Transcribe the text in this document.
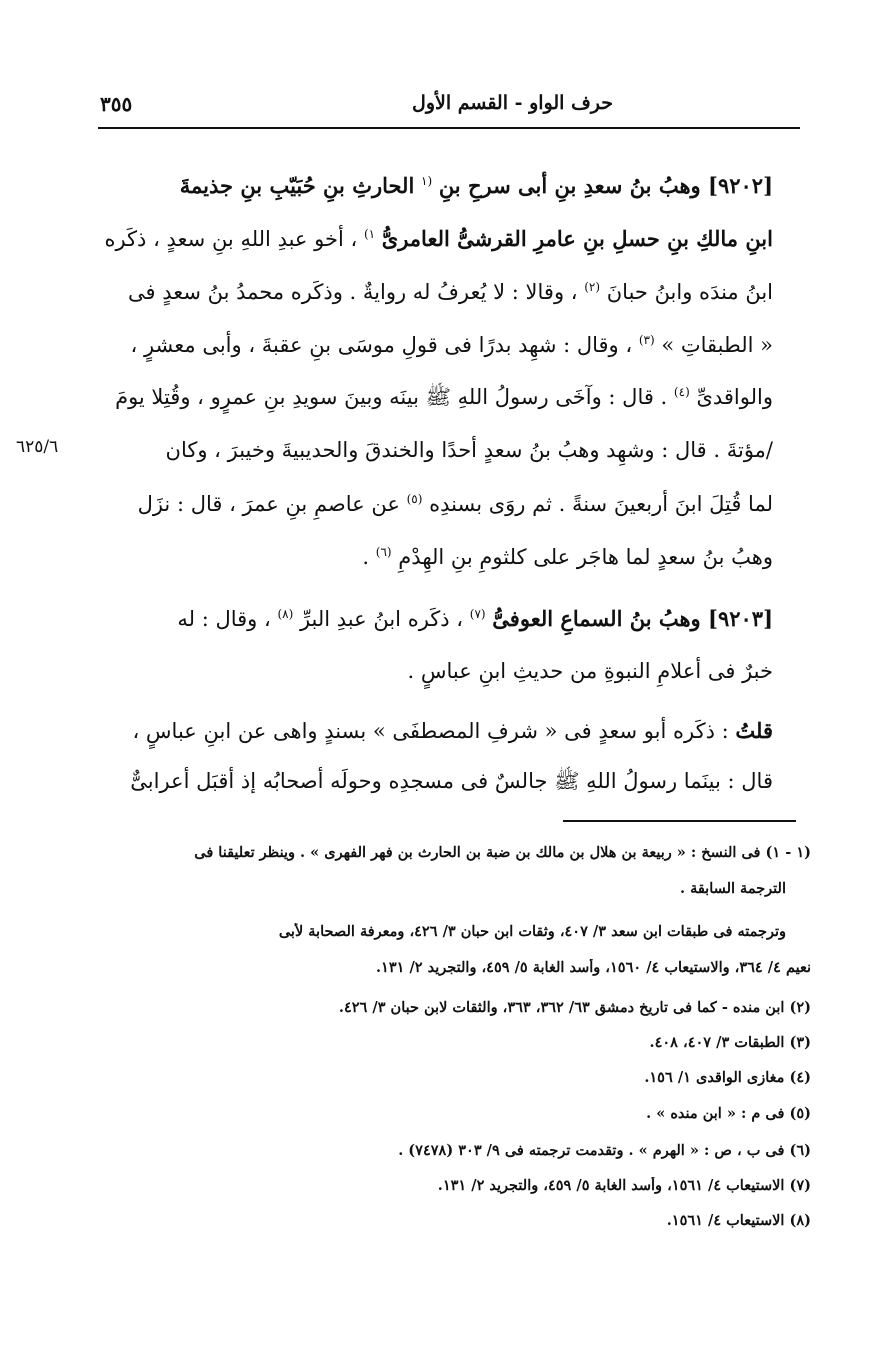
حرف الواو - القسم الأول
٣٥٥
٦٢٥/٦
[٩٢٠٢] وهبُ بنُ سعدِ بنِ أبى سرحِ بنِ $^{(١}$ الحارثِ بنِ حُبَيّبِ بنِ جذيمةَ
ابنِ مالكِ بنِ حسلِ بنِ عامرِ القرشىُّ العامرىُّ $^{١)}$ ، أخو عبدِ اللهِ بنِ سعدٍ ، ذكَره
ابنُ مندَه وابنُ حبانَ $^{(٢)}$ ، وقالا : لا يُعرفُ له روايةٌ . وذكَره محمدُ بنُ سعدٍ فى
« الطبقاتِ » $^{(٣)}$ ، وقال : شهِد بدرًا فى قولِ موسَى بنِ عقبةَ ، وأبى معشرٍ ،
والواقدىِّ $^{(٤)}$ . قال : وآخَى رسولُ اللهِ ﷺ بينَه وبينَ سويدِ بنِ عمرٍو ، وقُتِلا يومَ
/مؤتةَ . قال : وشهِد وهبُ بنُ سعدٍ أحدًا والخندقَ والحديبيةَ وخيبرَ ، وكان
لما قُتِلَ ابنَ أربعينَ سنةً . ثم روَى بسندِه $^{(٥)}$ عن عاصمِ بنِ عمرَ ، قال : نزَل
وهبُ بنُ سعدٍ لما هاجَر على كلثومِ بنِ الهِدْمِ $^{(٦)}$ .
[٩٢٠٣] وهبُ بنُ السماعِ العوفىُّ $^{(٧)}$ ، ذكَره ابنُ عبدِ البرِّ $^{(٨)}$ ، وقال : له
خبرٌ فى أعلامِ النبوةِ من حديثِ ابنِ عباسٍ .
قلتُ : ذكَره أبو سعدٍ فى « شرفِ المصطفَى » بسندٍ واهى عن ابنِ عباسٍ ،
قال : بينَما رسولُ اللهِ ﷺ جالسٌ فى مسجدِه وحولَه أصحابُه إذ أقبَل أعرابىٌّ
(١ - ١) فى النسخ : « ربيعة بن هلال بن مالك بن ضبة بن الحارث بن فهر الفهرى » . وينظر تعليقنا فى
الترجمة السابقة .
وترجمته فى طبقات ابن سعد ٣/ ٤٠٧، وثقات ابن حبان ٣/ ٤٢٦، ومعرفة الصحابة لأبى
نعيم ٤/ ٣٦٤، والاستيعاب ٤/ ١٥٦٠، وأسد الغابة ٥/ ٤٥٩، والتجريد ٢/ ١٣١.
(٢) ابن منده - كما فى تاريخ دمشق ٦٣/ ٣٦٢، ٣٦٣، والثقات لابن حبان ٣/ ٤٢٦.
(٣) الطبقات ٣/ ٤٠٧، ٤٠٨.
(٤) مغازى الواقدى ١/ ١٥٦.
(٥) فى م : « ابن منده » .
(٦) فى ب ، ص : « الهرم » . وتقدمت ترجمته فى ٩/ ٣٠٣ (٧٤٧٨) .
(٧) الاستيعاب ٤/ ١٥٦١، وأسد الغابة ٥/ ٤٥٩، والتجريد ٢/ ١٣١.
(٨) الاستيعاب ٤/ ١٥٦١.
